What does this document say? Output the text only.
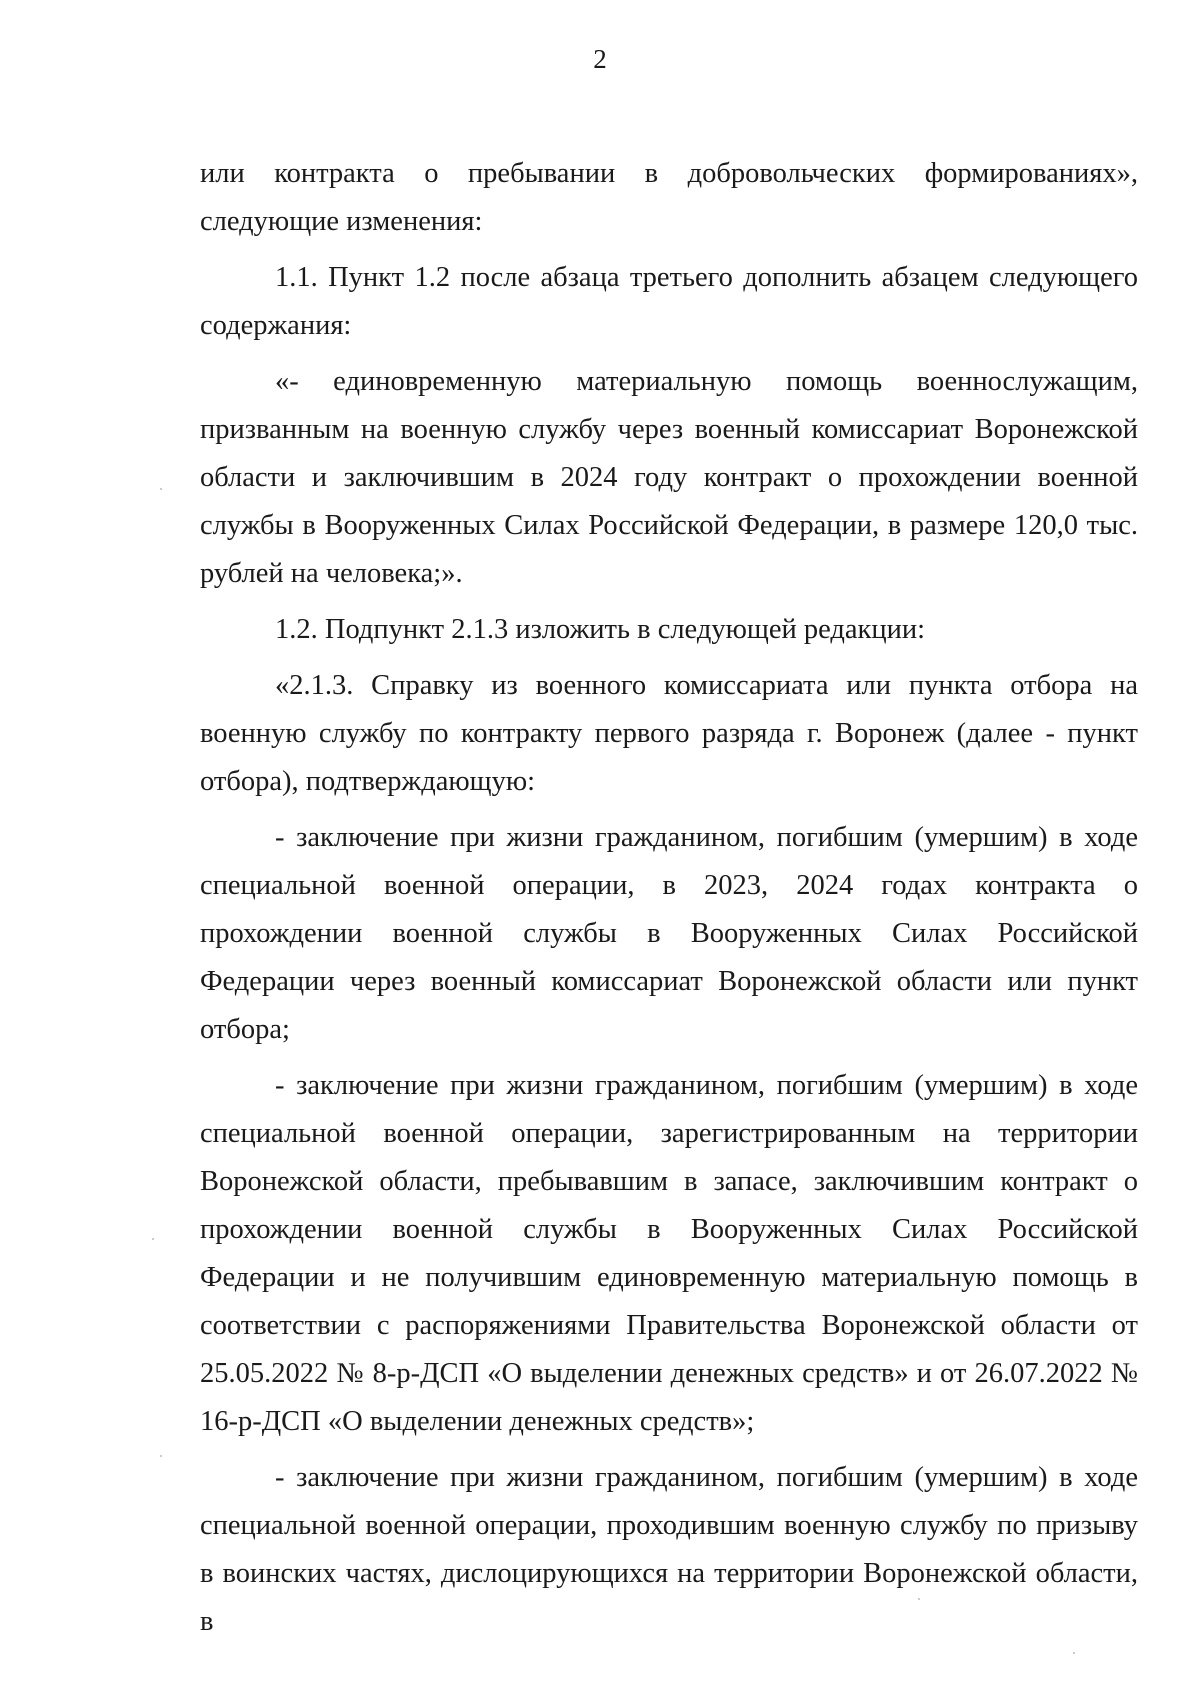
2

или контракта о пребывании в добровольческих формированиях», следующие изменения:

1.1. Пункт 1.2 после абзаца третьего дополнить абзацем следующего содержания:

«- единовременную материальную помощь военнослужащим, призванным на военную службу через военный комиссариат Воронежской области и заключившим в 2024 году контракт о прохождении военной службы в Вооруженных Силах Российской Федерации, в размере 120,0 тыс. рублей на человека;».

1.2. Подпункт 2.1.3 изложить в следующей редакции:

«2.1.3. Справку из военного комиссариата или пункта отбора на военную службу по контракту первого разряда г. Воронеж (далее - пункт отбора), подтверждающую:

- заключение при жизни гражданином, погибшим (умершим) в ходе специальной военной операции, в 2023, 2024 годах контракта о прохождении военной службы в Вооруженных Силах Российской Федерации через военный комиссариат Воронежской области или пункт отбора;

- заключение при жизни гражданином, погибшим (умершим) в ходе специальной военной операции, зарегистрированным на территории Воронежской области, пребывавшим в запасе, заключившим контракт о прохождении военной службы в Вооруженных Силах Российской Федерации и не получившим единовременную материальную помощь в соответствии с распоряжениями Правительства Воронежской области от 25.05.2022 № 8-р-ДСП «О выделении денежных средств» и от 26.07.2022 № 16-р-ДСП «О выделении денежных средств»;

- заключение при жизни гражданином, погибшим (умершим) в ходе специальной военной операции, проходившим военную службу по призыву в воинских частях, дислоцирующихся на территории Воронежской области, в
